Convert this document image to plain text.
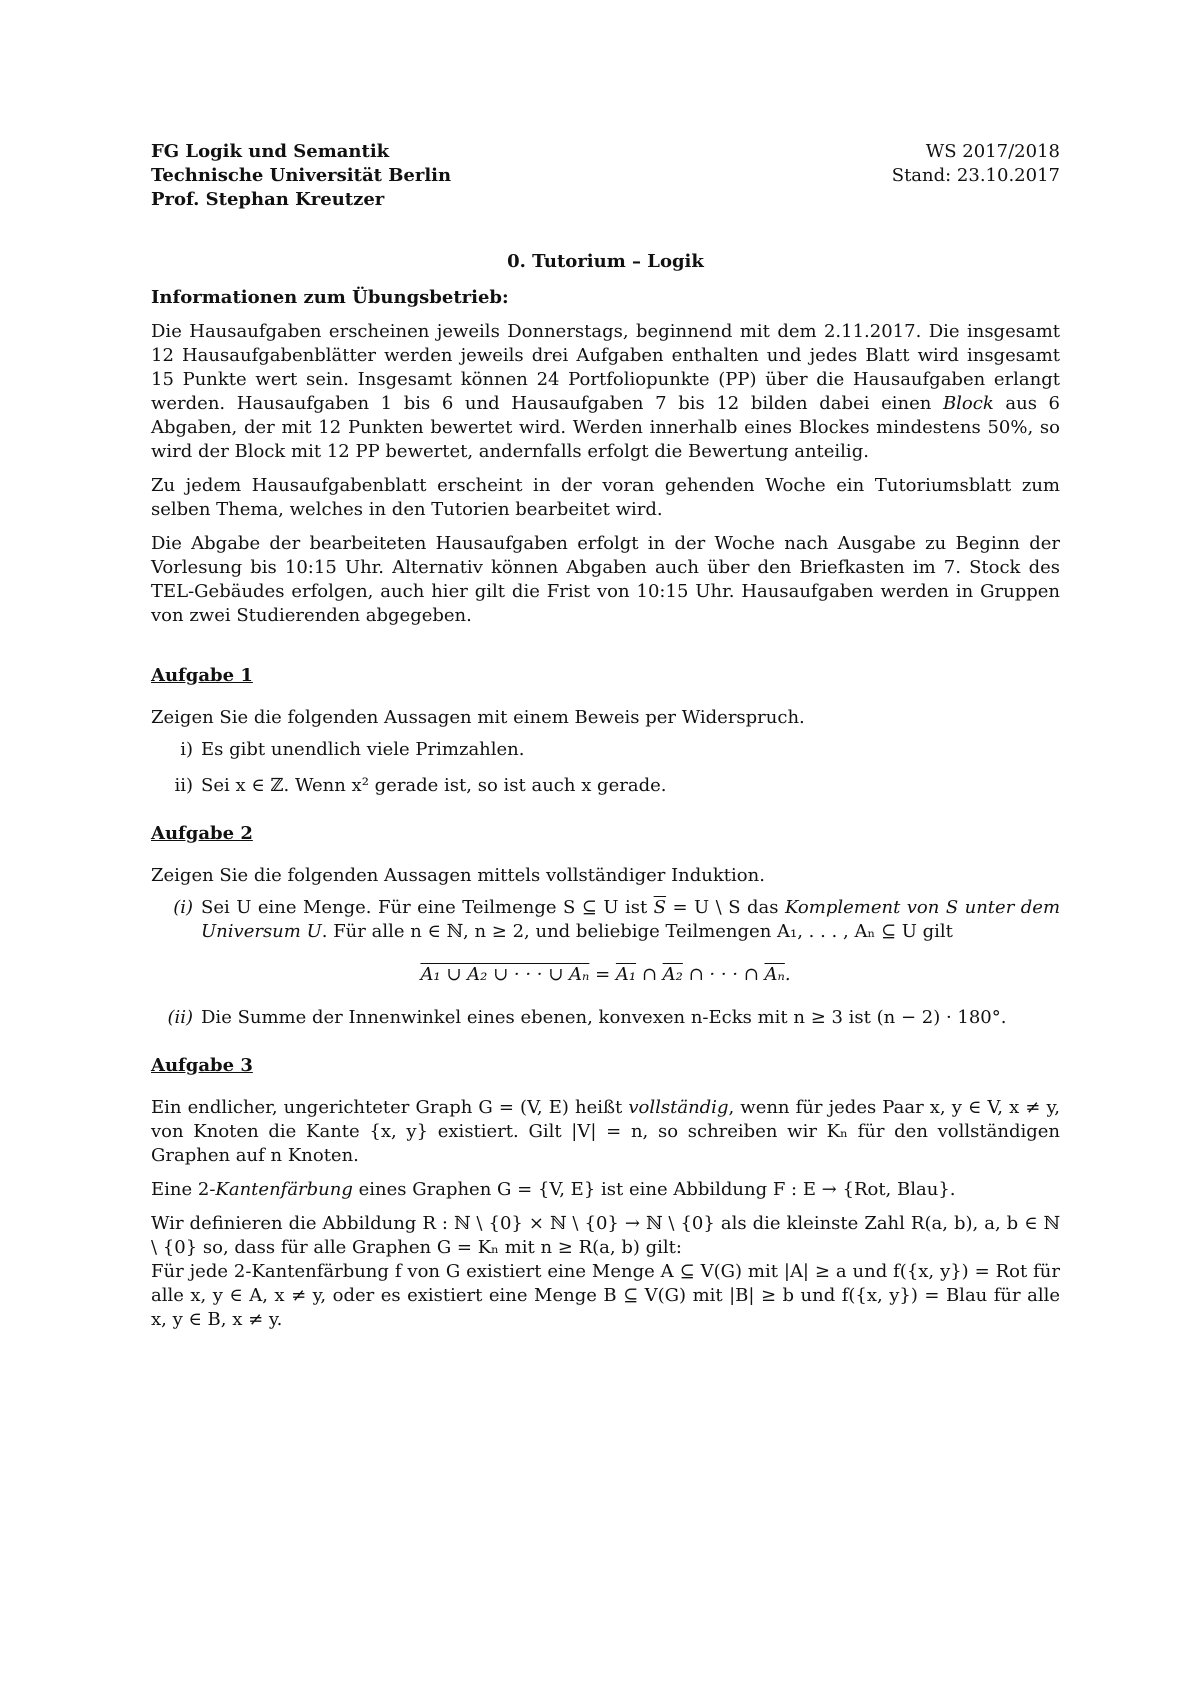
FG Logik und Semantik
Technische Universität Berlin
Prof. Stephan Kreutzer
WS 2017/2018
Stand: 23.10.2017
0. Tutorium – Logik
Informationen zum Übungsbetrieb:

Die Hausaufgaben erscheinen jeweils Donnerstags, beginnend mit dem 2.11.2017. Die insgesamt 12 Hausaufgabenblätter werden jeweils drei Aufgaben enthalten und jedes Blatt wird insgesamt 15 Punkte wert sein. Insgesamt können 24 Portfoliopunkte (PP) über die Hausaufgaben erlangt werden. Hausaufgaben 1 bis 6 und Hausaufgaben 7 bis 12 bilden dabei einen Block aus 6 Abgaben, der mit 12 Punkten bewertet wird. Werden innerhalb eines Blockes mindestens 50%, so wird der Block mit 12 PP bewertet, andernfalls erfolgt die Bewertung anteilig.

Zu jedem Hausaufgabenblatt erscheint in der voran gehenden Woche ein Tutoriumsblatt zum selben Thema, welches in den Tutorien bearbeitet wird.

Die Abgabe der bearbeiteten Hausaufgaben erfolgt in der Woche nach Ausgabe zu Beginn der Vorlesung bis 10:15 Uhr. Alternativ können Abgaben auch über den Briefkasten im 7. Stock des TEL-Gebäudes erfolgen, auch hier gilt die Frist von 10:15 Uhr. Hausaufgaben werden in Gruppen von zwei Studierenden abgegeben.

Aufgabe 1

Zeigen Sie die folgenden Aussagen mit einem Beweis per Widerspruch.

i) Es gibt unendlich viele Primzahlen.
ii) Sei x ∈ ℤ. Wenn x² gerade ist, so ist auch x gerade.
Aufgabe 2

Zeigen Sie die folgenden Aussagen mittels vollständiger Induktion.

(i) Sei U eine Menge. Für eine Teilmenge S ⊆ U ist $\overline{S} = U$ \ S das Komplement von S unter dem Universum U. Für alle n ∈ ℕ, n ≥ 2, und beliebige Teilmengen A₁, . . . , Aₙ ⊆ U gilt
A₁ ∪ A₂ ∪ · · · ∪ Aₙ = A₁ ∩ A₂ ∩ · · · ∩ $\overline{A_n}$.
(ii) Die Summe der Innenwinkel eines ebenen, konvexen n-Ecks mit n ≥ 3 ist (n − 2) · 180°.
Aufgabe 3

Ein endlicher, ungerichteter Graph G = (V, E) heißt vollständig, wenn für jedes Paar x, y ∈ V, x ≠ y, von Knoten die Kante {x, y} existiert. Gilt |V| = n, so schreiben wir Kₙ für den vollständigen Graphen auf n Knoten.

Eine 2-Kantenfärbung eines Graphen G = {V, E} ist eine Abbildung F : E → {Rot, Blau}.

Wir definieren die Abbildung R : ℕ \ {0} × ℕ \ {0} → ℕ \ {0} als die kleinste Zahl R(a, b), a, b ∈ ℕ \ {0} so, dass für alle Graphen G = Kₙ mit n ≥ R(a, b) gilt:

Für jede 2-Kantenfärbung f von G existiert eine Menge A ⊆ V(G) mit |A| ≥ a und f({x, y}) = Rot für alle x, y ∈ A, x ≠ y, oder es existiert eine Menge B ⊆ V(G) mit |B| ≥ b und f({x, y}) = Blau für alle x, y ∈ B, x ≠ y.
